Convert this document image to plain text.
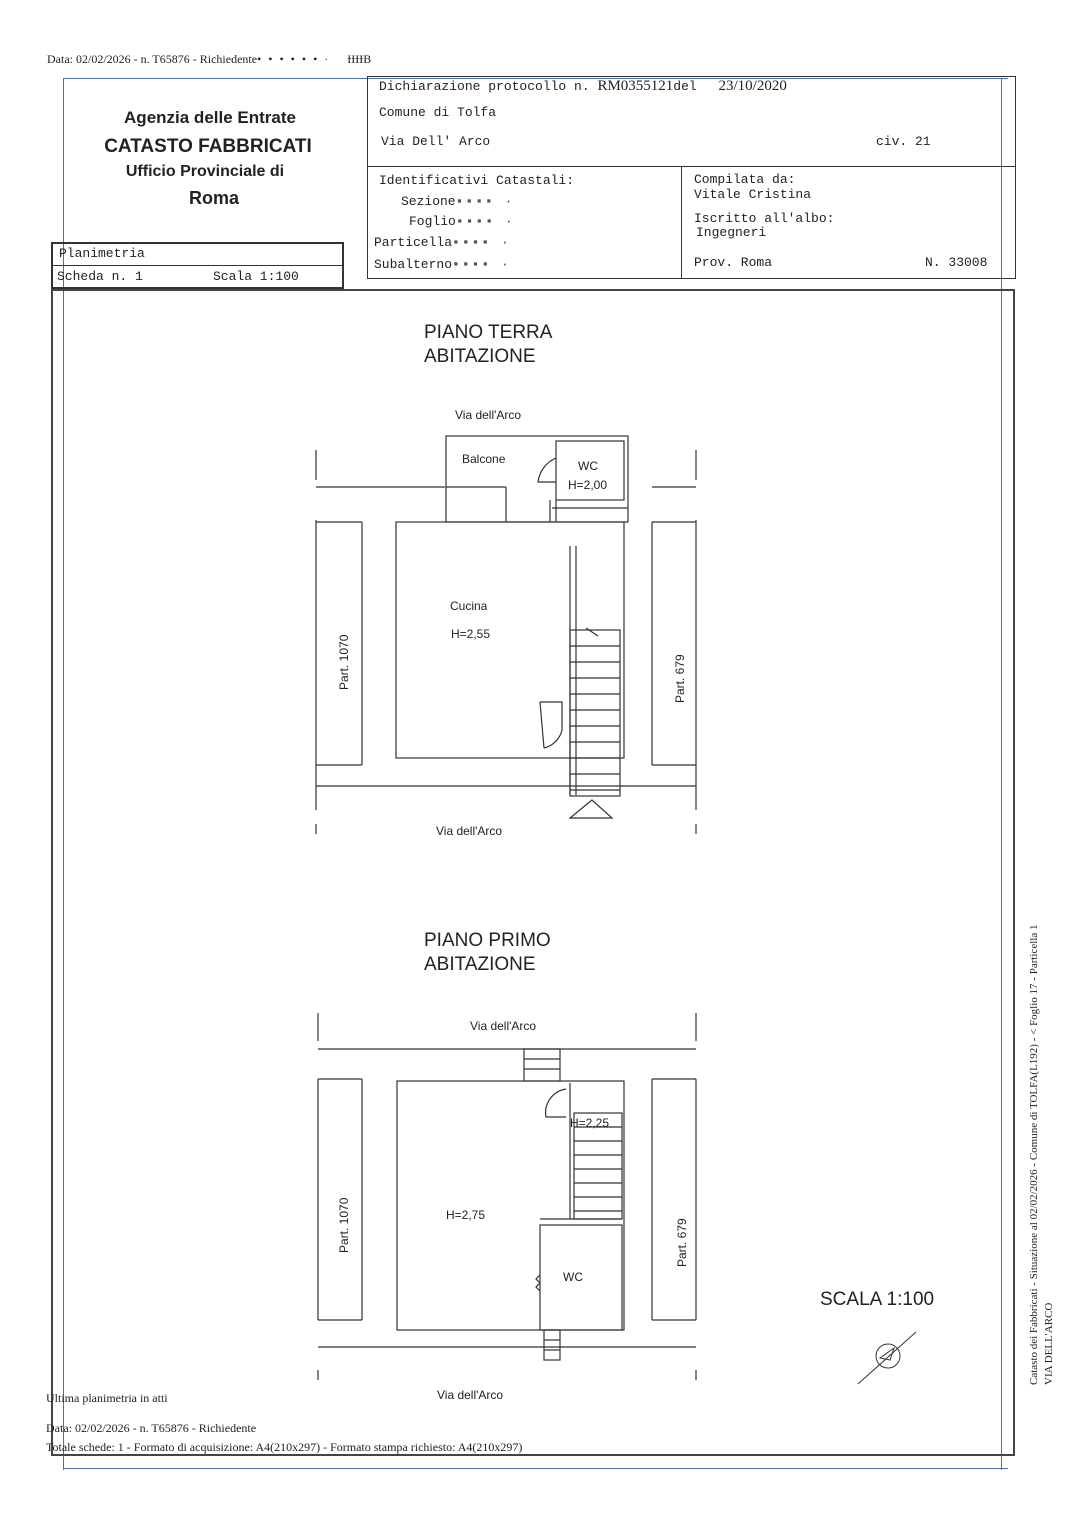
Data: 02/02/2026 - n. T65876 - Richiedente• • • • • • · ƗƗƗƗB
Agenzia delle Entrate
CATASTO FABBRICATI
Ufficio Provinciale di
Roma
Dichiarazione protocollo n. RM0355121del 23/10/2020
Comune di Tolfa
Via Dell' Arco	civ. 21
Identificativi Catastali:
Sezione▪▪▪▪ ·
Foglio▪▪▪▪ ·
Particella▪▪▪▪ ·
Subalterno▪▪▪▪ ·
Compilata da:
Vitale Cristina
Iscritto all'albo:
Ingegneri
Prov. Roma	N. 33008
Planimetria
Scheda n. 1	Scala 1:100
PIANO TERRA
ABITAZIONE
Via dell'Arco
Balcone	WC
H=2,00
Cucina
H=2,55
Part. 1070	Part. 679
Via dell'Arco
PIANO PRIMO
ABITAZIONE
Via dell'Arco
H=2,25
H=2,75
WC
Part. 1070	Part. 679
Via dell'Arco
SCALA 1:100	Catasto dei Fabbricati - Situazione al 02/02/2026 - Comune di TOLFA(L192) - < Foglio 17 - Particella 1 VIA DELL'ARCO
Ultima planimetria in atti
Data: 02/02/2026 - n. T65876 - Richiedente
Totale schede: 1 - Formato di acquisizione: A4(210x297) - Formato stampa richiesto: A4(210x297)
